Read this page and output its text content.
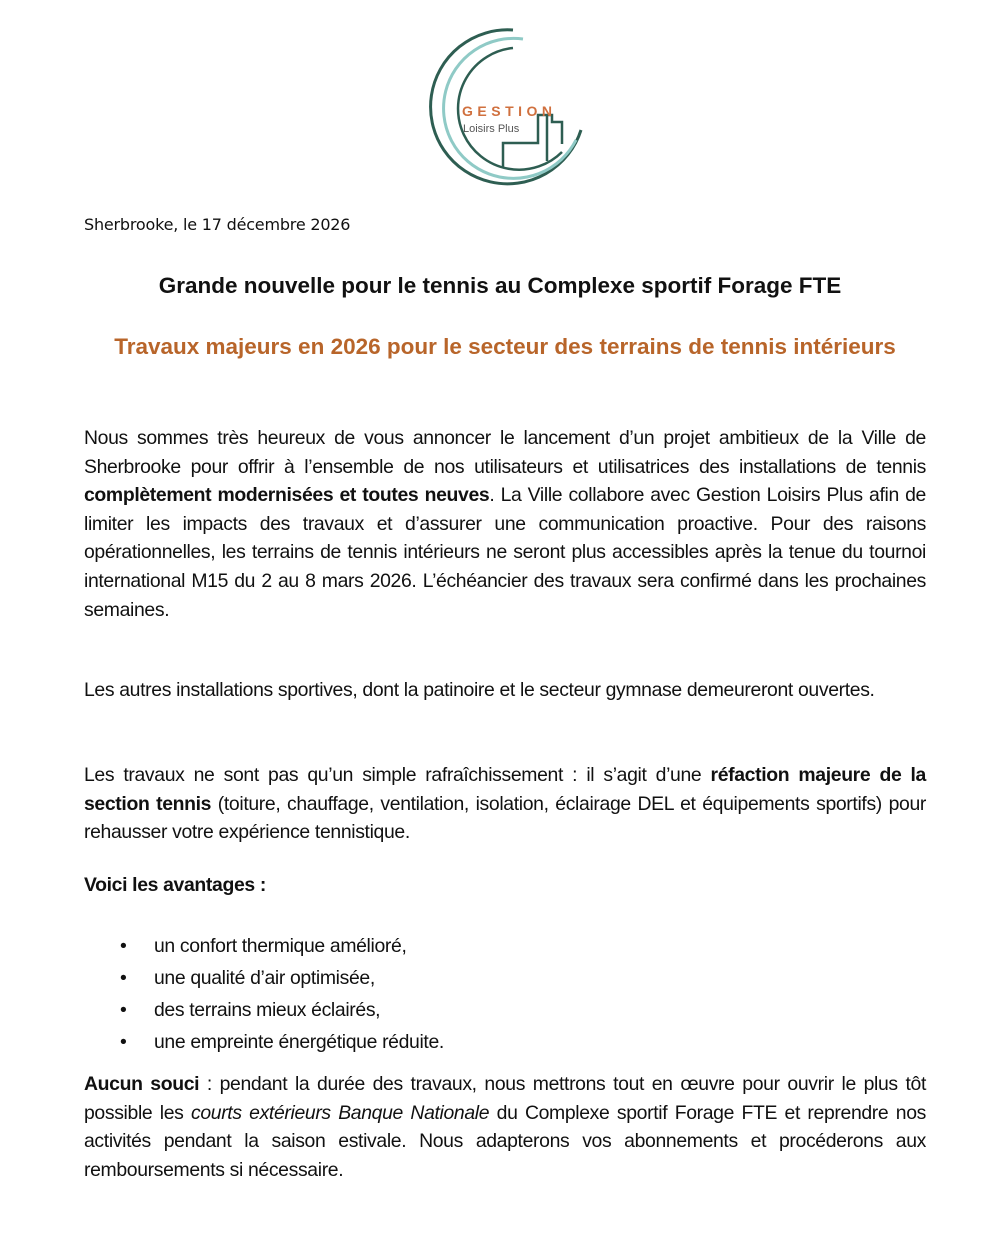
GESTION
Loisirs Plus
Sherbrooke, le 17 décembre 2026
Grande nouvelle pour le tennis au Complexe sportif Forage FTE
Travaux majeurs en 2026 pour le secteur des terrains de tennis intérieurs
Nous sommes très heureux de vous annoncer le lancement d’un projet ambitieux de la Ville de Sherbrooke pour offrir à l’ensemble de nos utilisateurs et utilisatrices des installations de tennis complètement modernisées et toutes neuves. La Ville collabore avec Gestion Loisirs Plus afin de limiter les impacts des travaux et d’assurer une communication proactive. Pour des raisons opérationnelles, les terrains de tennis intérieurs ne seront plus accessibles après la tenue du tournoi international M15 du 2 au 8 mars 2026. L’échéancier des travaux sera confirmé dans les prochaines semaines.
Les autres installations sportives, dont la patinoire et le secteur gymnase demeureront ouvertes.
Les travaux ne sont pas qu’un simple rafraîchissement : il s’agit d’une réfaction majeure de la section tennis (toiture, chauffage, ventilation, isolation, éclairage DEL et équipements sportifs) pour rehausser votre expérience tennistique.
Voici les avantages :
• un confort thermique amélioré,
• une qualité d’air optimisée,
• des terrains mieux éclairés,
• une empreinte énergétique réduite.
Aucun souci : pendant la durée des travaux, nous mettrons tout en œuvre pour ouvrir le plus tôt possible les courts extérieurs Banque Nationale du Complexe sportif Forage FTE et reprendre nos activités pendant la saison estivale. Nous adapterons vos abonnements et procéderons aux remboursements si nécessaire.
